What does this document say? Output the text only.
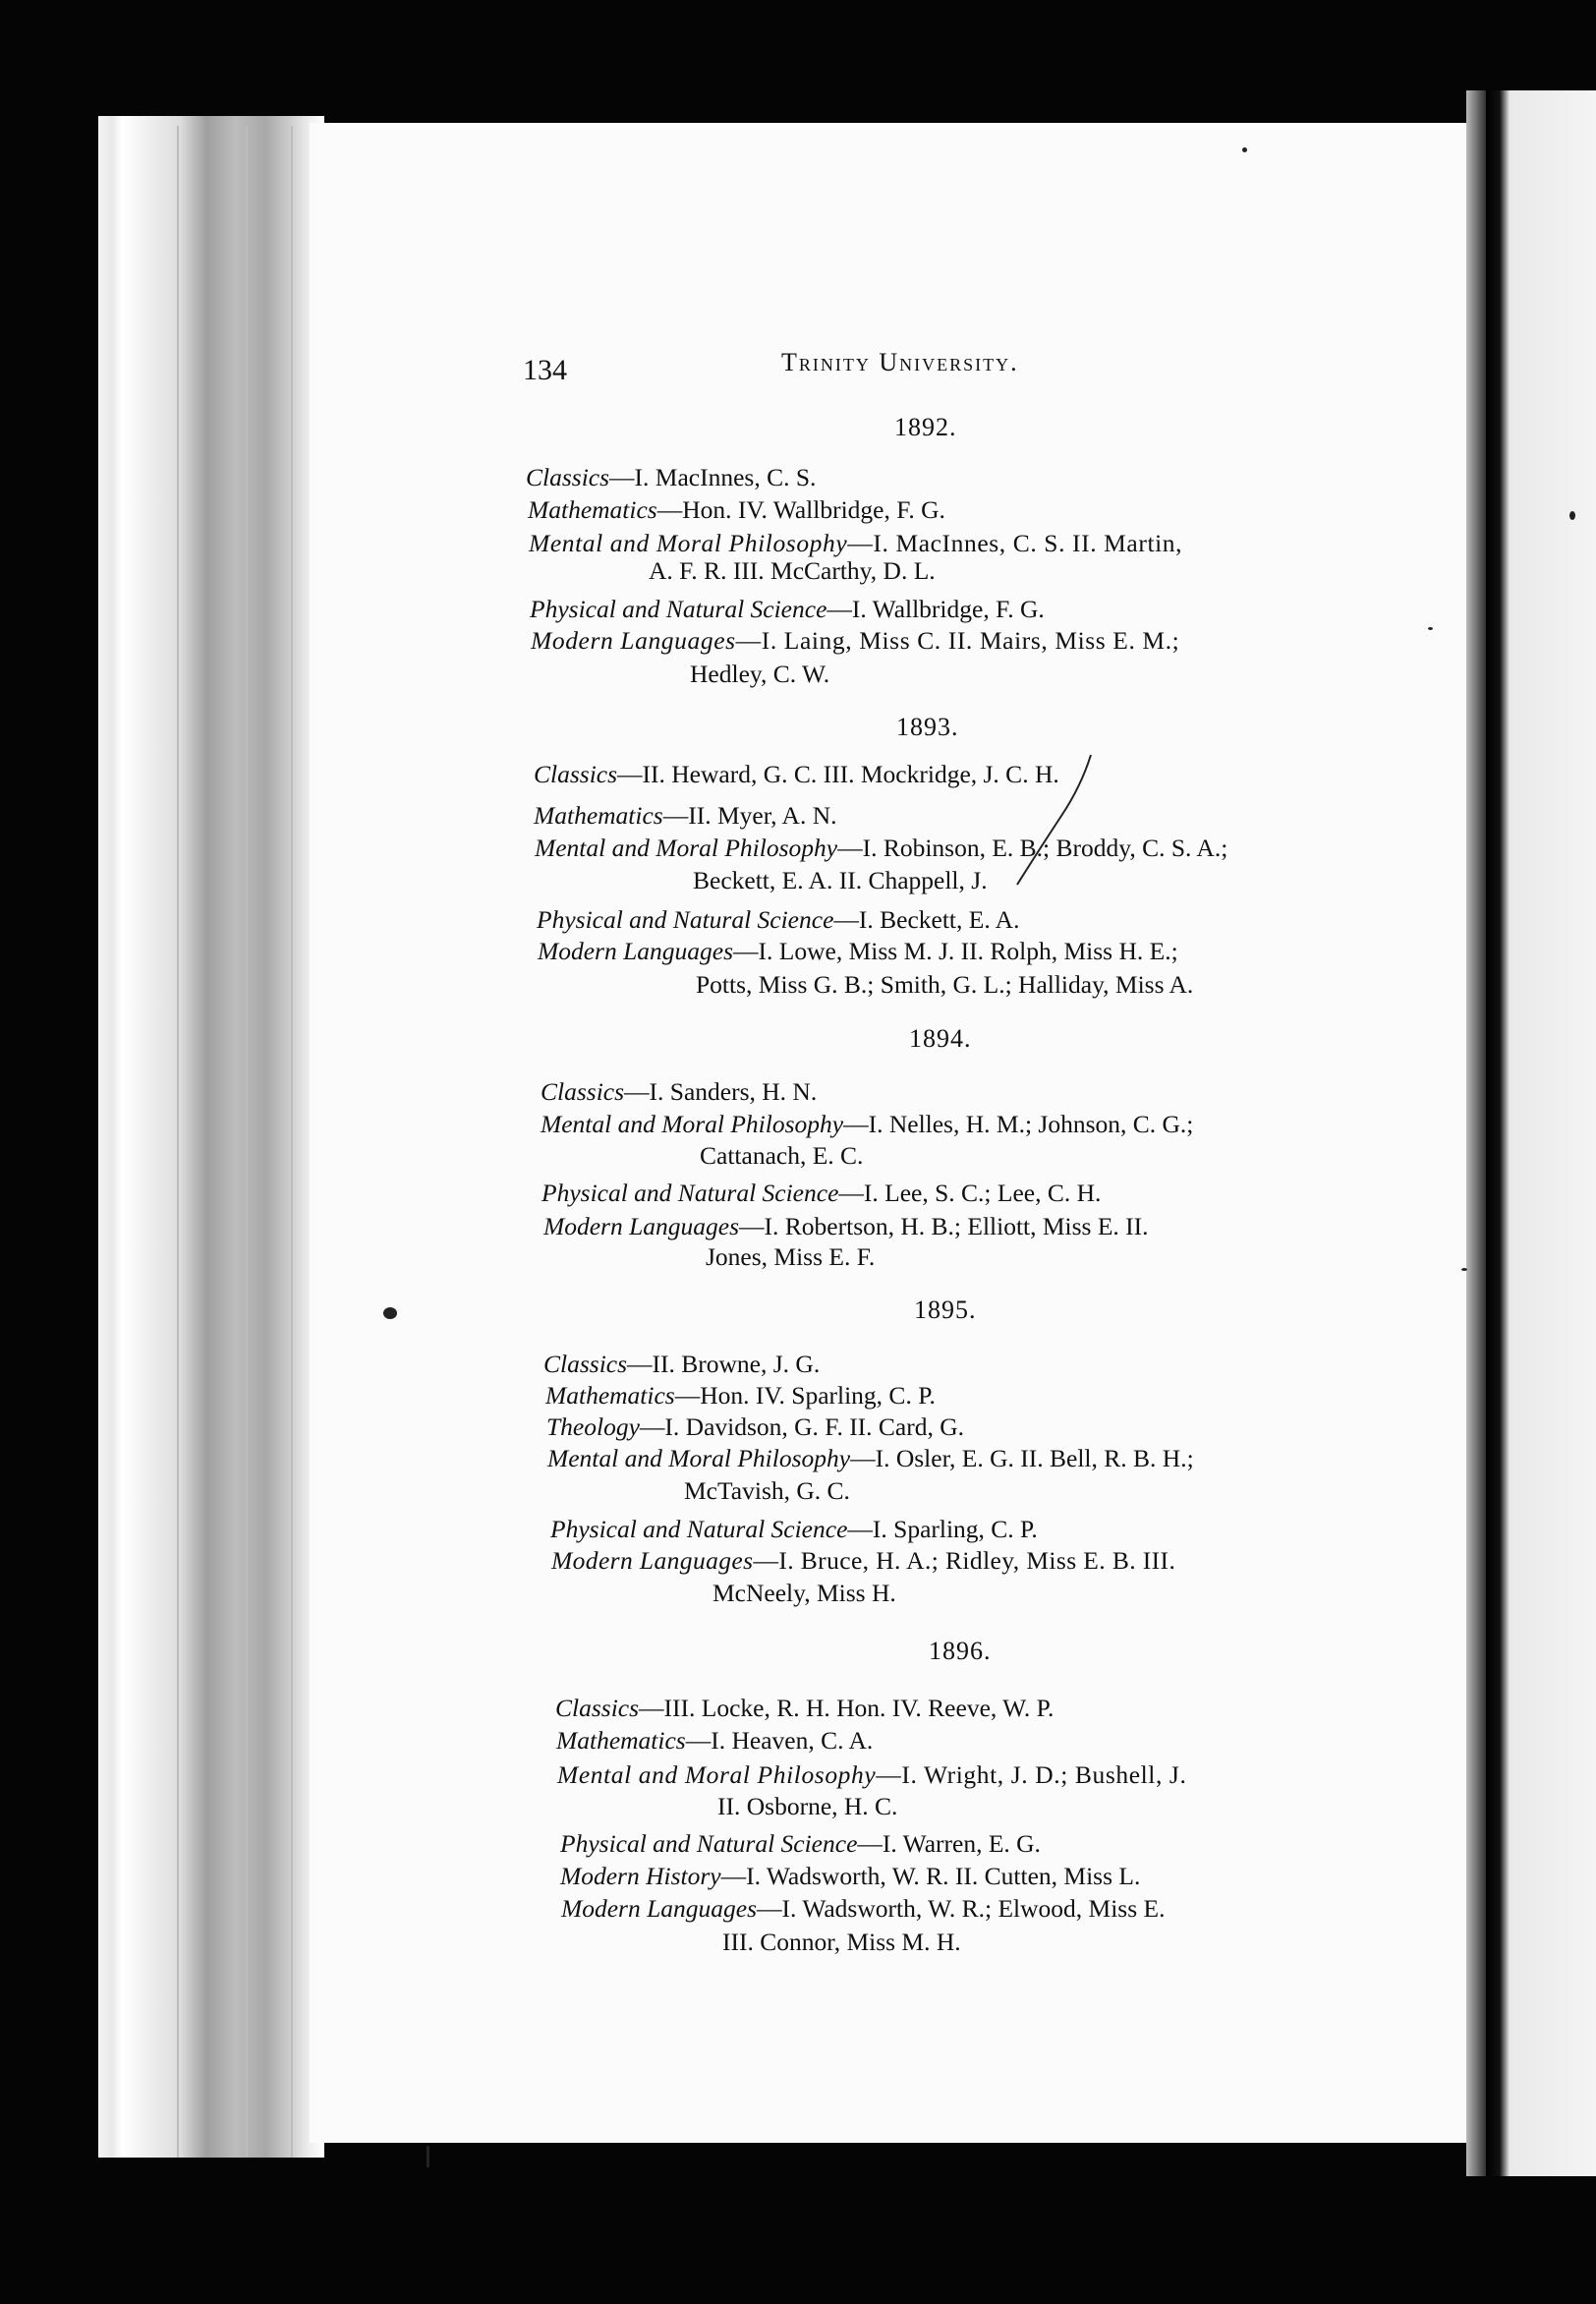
134	Trinity University.
1892.
Classics—I. MacInnes, C. S.
Mathematics—Hon. IV. Wallbridge, F. G.
Mental and Moral Philosophy—I. MacInnes, C. S. II. Martin,
A. F. R. III. McCarthy, D. L.
Physical and Natural Science—I. Wallbridge, F. G.
Modern Languages—I. Laing, Miss C. II. Mairs, Miss E. M.;
Hedley, C. W.
1893.
Classics—II. Heward, G. C. III. Mockridge, J. C. H.
Mathematics—II. Myer, A. N.
Mental and Moral Philosophy—I. Robinson, E. B.; Broddy, C. S. A.;
Beckett, E. A. II. Chappell, J.
Physical and Natural Science—I. Beckett, E. A.
Modern Languages—I. Lowe, Miss M. J. II. Rolph, Miss H. E.;
Potts, Miss G. B.; Smith, G. L.; Halliday, Miss A.
1894.
Classics—I. Sanders, H. N.
Mental and Moral Philosophy—I. Nelles, H. M.; Johnson, C. G.;
Cattanach, E. C.
Physical and Natural Science—I. Lee, S. C.; Lee, C. H.
Modern Languages—I. Robertson, H. B.; Elliott, Miss E. II.
Jones, Miss E. F.
1895.
Classics—II. Browne, J. G.
Mathematics—Hon. IV. Sparling, C. P.
Theology—I. Davidson, G. F. II. Card, G.
Mental and Moral Philosophy—I. Osler, E. G. II. Bell, R. B. H.;
McTavish, G. C.
Physical and Natural Science—I. Sparling, C. P.
Modern Languages—I. Bruce, H. A.; Ridley, Miss E. B. III.
McNeely, Miss H.
1896.
Classics—III. Locke, R. H. Hon. IV. Reeve, W. P.
Mathematics—I. Heaven, C. A.
Mental and Moral Philosophy—I. Wright, J. D.; Bushell, J.
II. Osborne, H. C.
Physical and Natural Science—I. Warren, E. G.
Modern History—I. Wadsworth, W. R. II. Cutten, Miss L.
Modern Languages—I. Wadsworth, W. R.; Elwood, Miss E.
III. Connor, Miss M. H.
